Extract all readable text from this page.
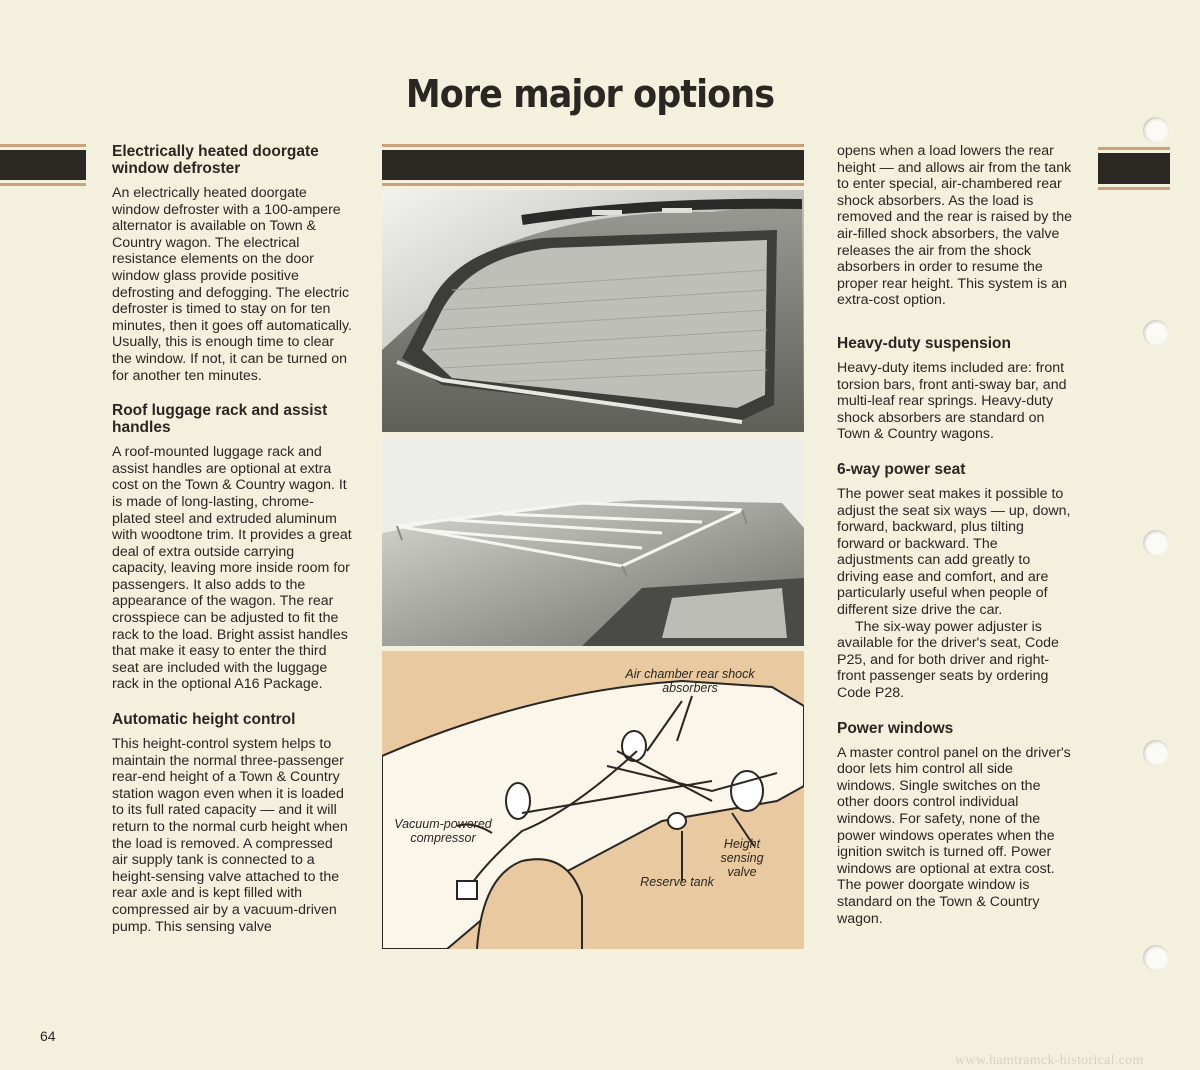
More major options
Electrically heated doorgate window defroster

An electrically heated doorgate window defroster with a 100-ampere alternator is available on Town & Country wagon. The electrical resistance elements on the door window glass provide positive defrosting and defogging. The electric defroster is timed to stay on for ten minutes, then it goes off automatically. Usually, this is enough time to clear the window. If not, it can be turned on for another ten minutes.

Roof luggage rack and assist handles

A roof-mounted luggage rack and assist handles are optional at extra cost on the Town & Country wagon. It is made of long-lasting, chrome-plated steel and extruded aluminum with woodtone trim. It provides a great deal of extra outside carrying capacity, leaving more inside room for passengers. It also adds to the appearance of the wagon. The rear crosspiece can be adjusted to fit the rack to the load. Bright assist handles that make it easy to enter the third seat are included with the luggage rack in the optional A16 Package.

Automatic height control

This height-control system helps to maintain the normal three-passenger rear-end height of a Town & Country station wagon even when it is loaded to its full rated capacity — and it will return to the normal curb height when the load is removed. A compressed air supply tank is connected to a height-sensing valve attached to the rear axle and is kept filled with compressed air by a vacuum-driven pump. This sensing valve

Air chamber rear shock absorbers
Vacuum-powered compressor	Height sensing valve
Reserve tank

opens when a load lowers the rear height — and allows air from the tank to enter special, air-chambered rear shock absorbers. As the load is removed and the rear is raised by the air-filled shock absorbers, the valve releases the air from the shock absorbers in order to resume the proper rear height. This system is an extra-cost option.

Heavy-duty suspension

Heavy-duty items included are: front torsion bars, front anti-sway bar, and multi-leaf rear springs. Heavy-duty shock absorbers are standard on Town & Country wagons.

6-way power seat

The power seat makes it possible to adjust the seat six ways — up, down, forward, backward, plus tilting forward or backward. The adjustments can add greatly to driving ease and comfort, and are particularly useful when people of different size drive the car.

The six-way power adjuster is available for the driver's seat, Code P25, and for both driver and right-front passenger seats by ordering Code P28.

Power windows

A master control panel on the driver's door lets him control all side windows. Single switches on the other doors control individual windows. For safety, none of the power windows operates when the ignition switch is turned off. Power windows are optional at extra cost. The power doorgate window is standard on the Town & Country wagon.

64
www.hamtramck-historical.com
